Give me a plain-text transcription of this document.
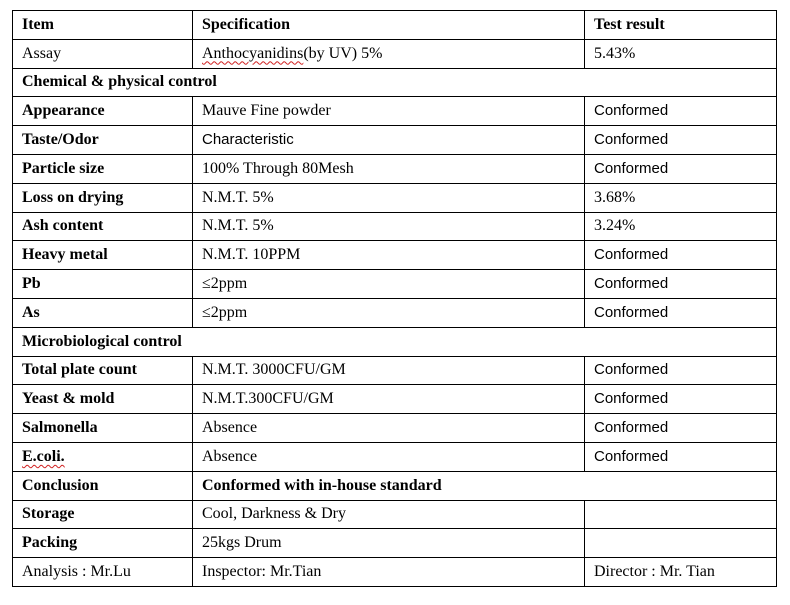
Item	Specification	Test result
Assay	Anthocyanidins(by UV) 5%	5.43%
Chemical & physical control		
Appearance	Mauve Fine powder	Conformed
Taste/Odor	Characteristic	Conformed
Particle size	100% Through 80Mesh	Conformed
Loss on drying	N.M.T. 5%	3.68%
Ash content	N.M.T. 5%	3.24%
Heavy metal	N.M.T. 10PPM	Conformed
Pb	≤2ppm	Conformed
As	≤2ppm	Conformed
Microbiological control		
Total plate count	N.M.T. 3000CFU/GM	Conformed
Yeast & mold	N.M.T.300CFU/GM	Conformed
Salmonella	Absence	Conformed
E.coli.	Absence	Conformed
Conclusion	Conformed with in-house standard	
Storage	Cool, Darkness & Dry	
Packing	25kgs Drum	
Analysis : Mr.Lu	Inspector: Mr.Tian	Director : Mr. Tian
